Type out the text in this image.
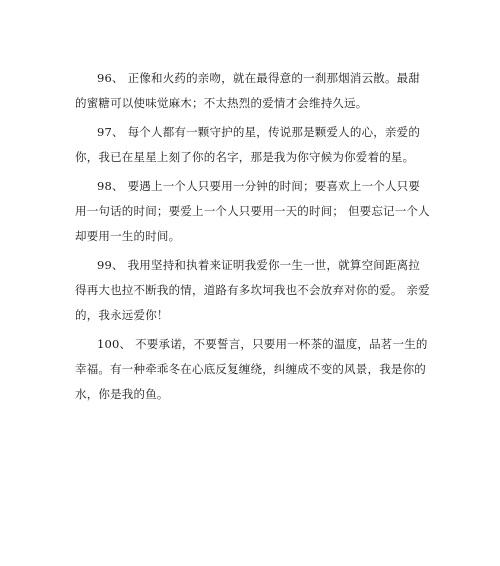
96、 正像和火药的亲吻，就在最得意的一刹那烟消云散。最甜
的蜜糖可以使味觉麻木；不太热烈的爱情才会维持久远。
97、 每个人都有一颗守护的星，传说那是颗爱人的心，亲爱的
你，我已在星星上刻了你的名字，那是我为你守候为你爱着的星。
98、 要遇上一个人只要用一分钟的时间；要喜欢上一个人只要
用一句话的时间；要爱上一个人只要用一天的时间； 但要忘记一个人
却要用一生的时间。
99、 我用坚持和执着来证明我爱你一生一世，就算空间距离拉
得再大也拉不断我的情，道路有多坎坷我也不会放弃对你的爱。 亲爱
的，我永远爱你！
100、 不要承诺，不要誓言，只要用一杯茶的温度，品茗一生的
幸福。有一种牵乖冬在心底反复缠绕，纠缠成不变的风景，我是你的
水，你是我的鱼。
